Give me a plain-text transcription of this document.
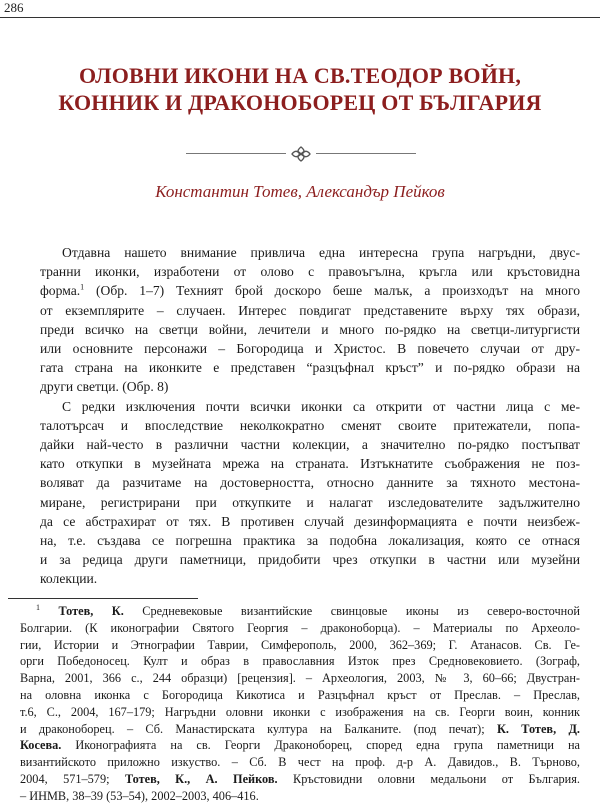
286
ОЛОВНИ ИКОНИ НА СВ.ТЕОДОР ВОЙН,
КОННИК И ДРАКОНОБОРЕЦ ОТ БЪЛГАРИЯ
Константин Тотев, Александър Пейков

Отдавна нашето внимание привлича една интересна група нагръдни, двус-
транни иконки, изработени от олово с правоъгълна, кръгла или кръстовидна
форма.$^1$ (Обр. 1–7) Техният брой доскоро беше малък, а произходът на много
от екземплярите – случаен. Интерес повдигат представените върху тях образи,
преди всичко на светци войни, лечители и много по-рядко на светци-литургисти
или основните персонажи – Богородица и Христос. В повечето случаи от дру-
гата страна на иконките е представен “разцъфнал кръст” и по-рядко образи на
други светци. (Обр. 8)

С редки изключения почти всички иконки са открити от частни лица с ме-
талотърсач и впоследствие неколкократно сменят своите притежатели, попа-
дайки най-често в различни частни колекции, а значително по-рядко постъпват
като откупки в музейната мрежа на страната. Изтъкнатите съображения не поз-
воляват да разчитаме на достоверността, относно данните за тяхното местона-
миране, регистрирани при откупките и налагат изследователите задължително
да се абстрахират от тях. В противен случай дезинформацията е почти неизбеж-
на, т.е. създава се погрешна практика за подобна локализация, която се отнася
и за редица други паметници, придобити чрез откупки в частни или музейни
колекции.

$^1$ Тотев, К. Средневековые византийские свинцовые иконы из северо-восточной
Болгарии. (К иконографии Святого Георгия – драконоборца). – Материалы по Археоло-
гии, Истории и Этнографии Таврии, Симферополь, 2000, 362–369; Г. Атанасов. Св. Ге-
орги Победоносец. Култ и образ в православния Изток през Средновековието. (Зограф,
Варна, 2001, 366 с., 244 образци) [рецензия]. – Археология, 2003, № 3, 60–66; Двустран-
на оловна иконка с Богородица Кикотиса и Разцъфнал кръст от Преслав. – Преслав,
т.6, С., 2004, 167–179; Нагръдни оловни иконки с изображения на св. Георги воин, конник
и драконоборец. – Сб. Манастирската култура на Балканите. (под печат); К. Тотев, Д.
Косева. Иконографията на св. Георги Драконоборец, според една група паметници на
византийското приложно изкуство. – Сб. В чест на проф. д-р А. Давидов., В. Търново,
2004, 571–579; Тотев, К., А. Пейков. Кръстовидни оловни медальони от България.
– ИНМВ, 38–39 (53–54), 2002–2003, 406–416.
